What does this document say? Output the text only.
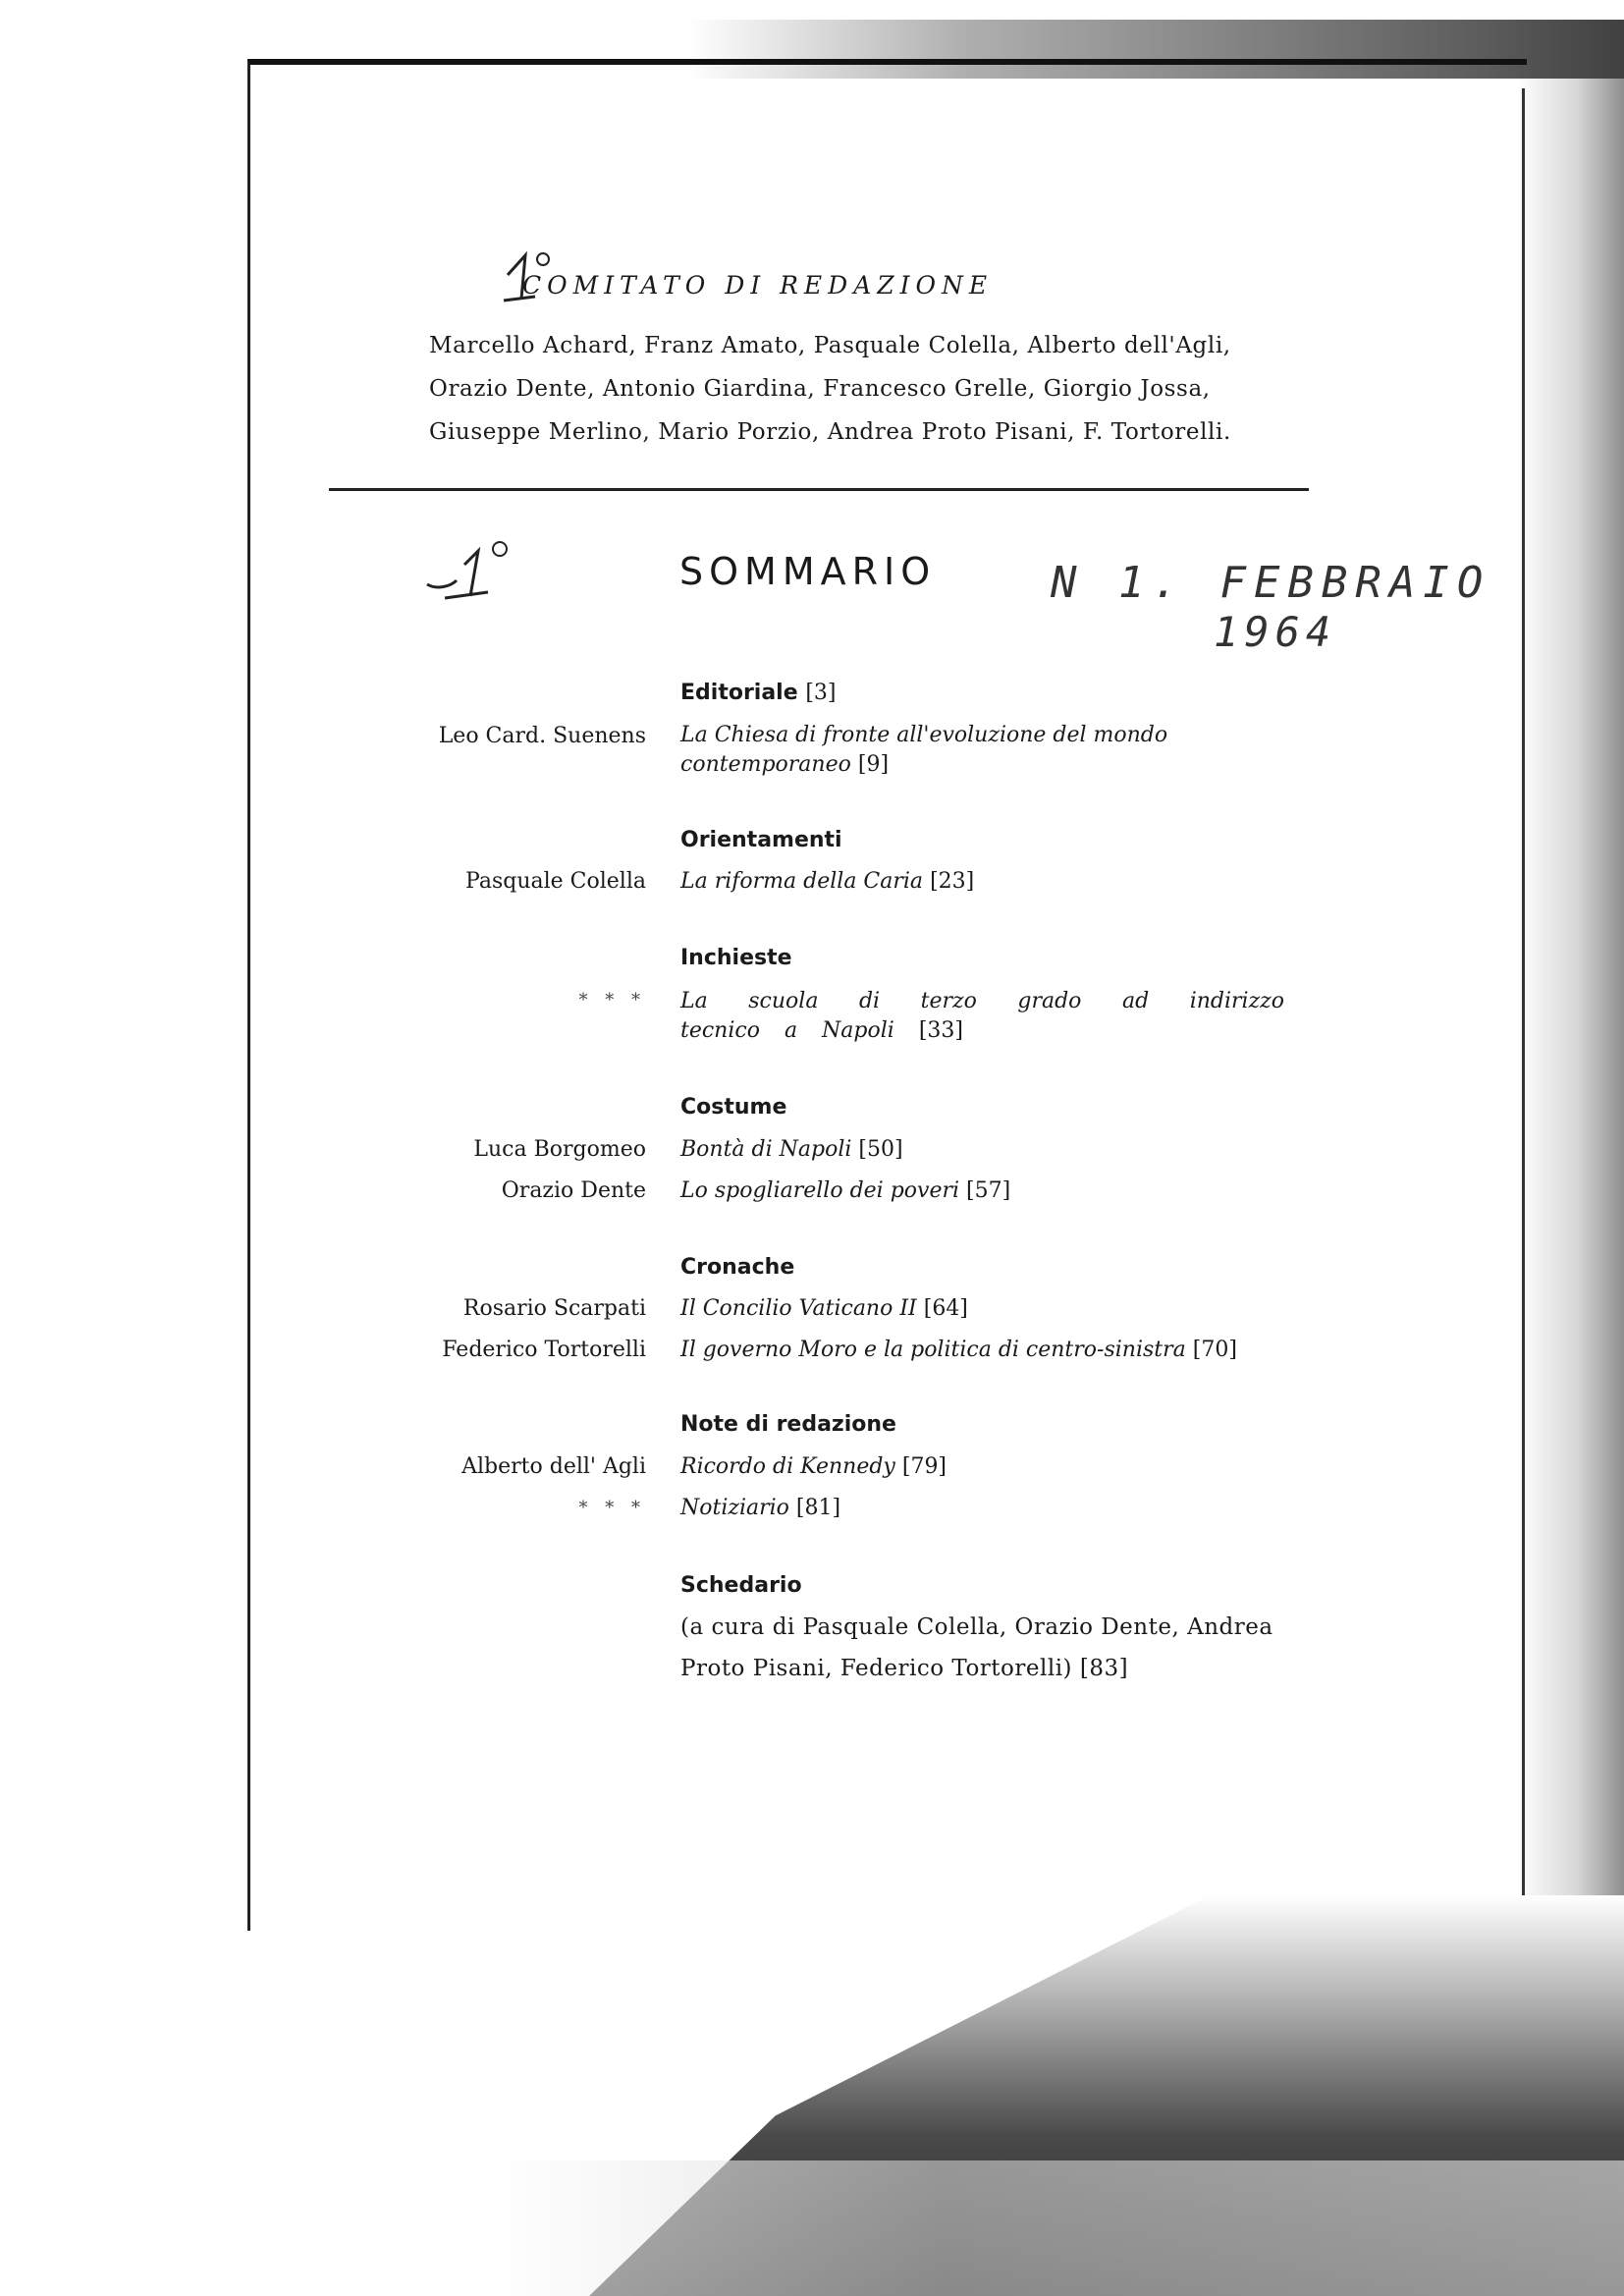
COMITATO DI REDAZIONE
Marcello Achard, Franz Amato, Pasquale Colella, Alberto dell'Agli,
Orazio Dente, Antonio Giardina, Francesco Grelle, Giorgio Jossa,
Giuseppe Merlino, Mario Porzio, Andrea Proto Pisani, F. Tortorelli.
SOMMARIO	N 1. FEBBRAIO
1964
Editoriale [3]
Leo Card. Suenens La Chiesa di fronte all'evoluzione del mondo contemporaneo [9]
Orientamenti
Pasquale Colella La riforma della Caria [23]
Inchieste
* * * La scuola di terzo grado ad indirizzo tecnico a Napoli [33]
Costume
Luca Borgomeo Bontà di Napoli [50]
Orazio Dente Lo spogliarello dei poveri [57]
Cronache
Rosario Scarpati Il Concilio Vaticano II [64]
Federico Tortorelli Il governo Moro e la politica di centro-sinistra [70]
Note di redazione
Alberto dell' Agli Ricordo di Kennedy [79]
* * * Notiziario [81]
Schedario
(a cura di Pasquale Colella, Orazio Dente, Andrea Proto Pisani, Federico Tortorelli) [83]
